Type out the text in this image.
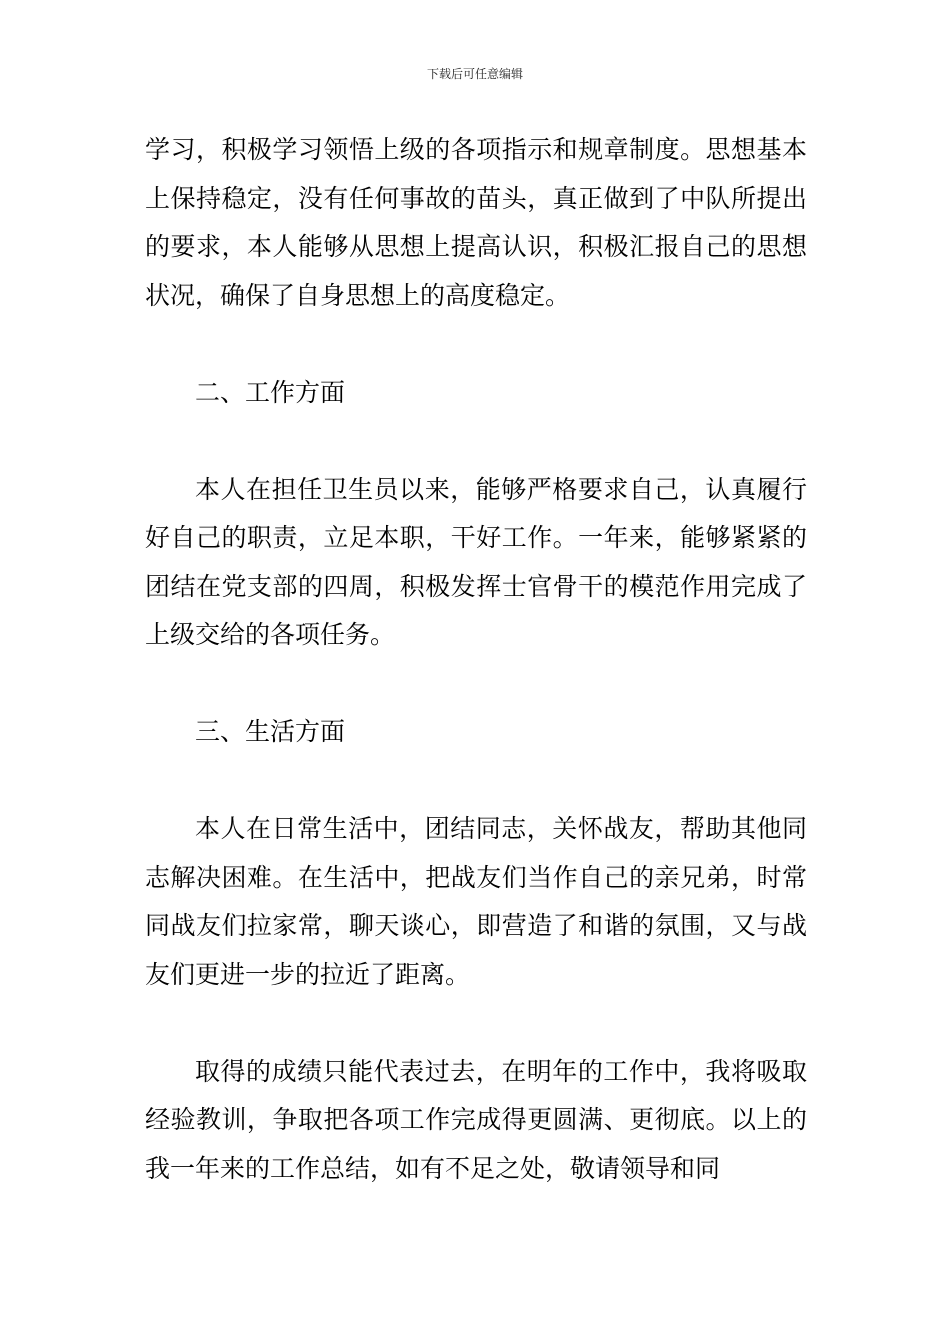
下载后可任意编辑

学习，积极学习领悟上级的各项指示和规章制度。思想基本上保持稳定，没有任何事故的苗头，真正做到了中队所提出的要求，本人能够从思想上提高认识，积极汇报自己的思想状况，确保了自身思想上的高度稳定。

二、工作方面

本人在担任卫生员以来，能够严格要求自己，认真履行好自己的职责，立足本职，干好工作。一年来，能够紧紧的团结在党支部的四周，积极发挥士官骨干的模范作用完成了上级交给的各项任务。

三、生活方面

本人在日常生活中，团结同志，关怀战友，帮助其他同志解决困难。在生活中，把战友们当作自己的亲兄弟，时常同战友们拉家常，聊天谈心，即营造了和谐的氛围，又与战友们更进一步的拉近了距离。

取得的成绩只能代表过去，在明年的工作中，我将吸取经验教训，争取把各项工作完成得更圆满、更彻底。以上的我一年来的工作总结，如有不足之处，敬请领导和同
